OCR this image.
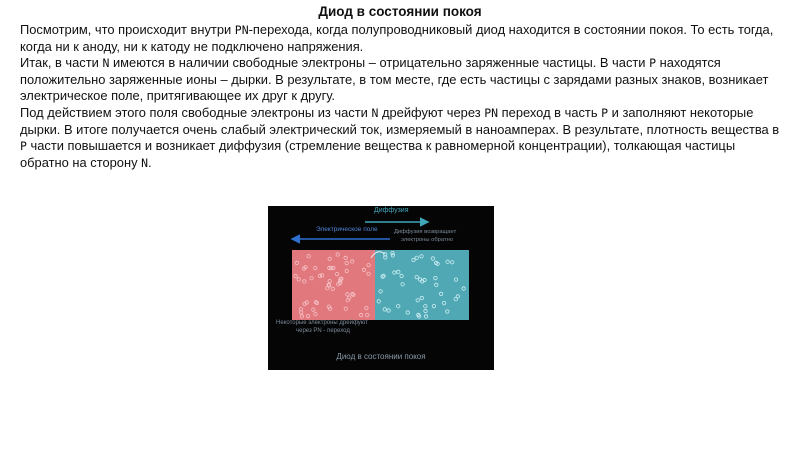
Диод в состоянии покоя

Посмотрим, что происходит внутри PN-перехода, когда полупроводниковый диод находится в состоянии покоя. То есть тогда, когда ни к аноду, ни к катоду не подключено напряжения.

Итак, в части N имеются в наличии свободные электроны – отрицательно заряженные частицы. В части P находятся положительно заряженные ионы – дырки. В результате, в том месте, где есть частицы с зарядами разных знаков, возникает электрическое поле, притягивающее их друг к другу.

Под действием этого поля свободные электроны из части N дрейфуют через PN переход в часть P и заполняют некоторые дырки. В итоге получается очень слабый электрический ток, измеряемый в наноамперах. В результате, плотность вещества в P части повышается и возникает диффузия (стремление вещества к равномерной концентрации), толкающая частицы обратно на сторону N.

Диффузия
Электрическое поле	Диффузия возвращает
электроны обратно
Некоторые электроны дрейфуют
через PN - переход
Диод в состоянии покоя
